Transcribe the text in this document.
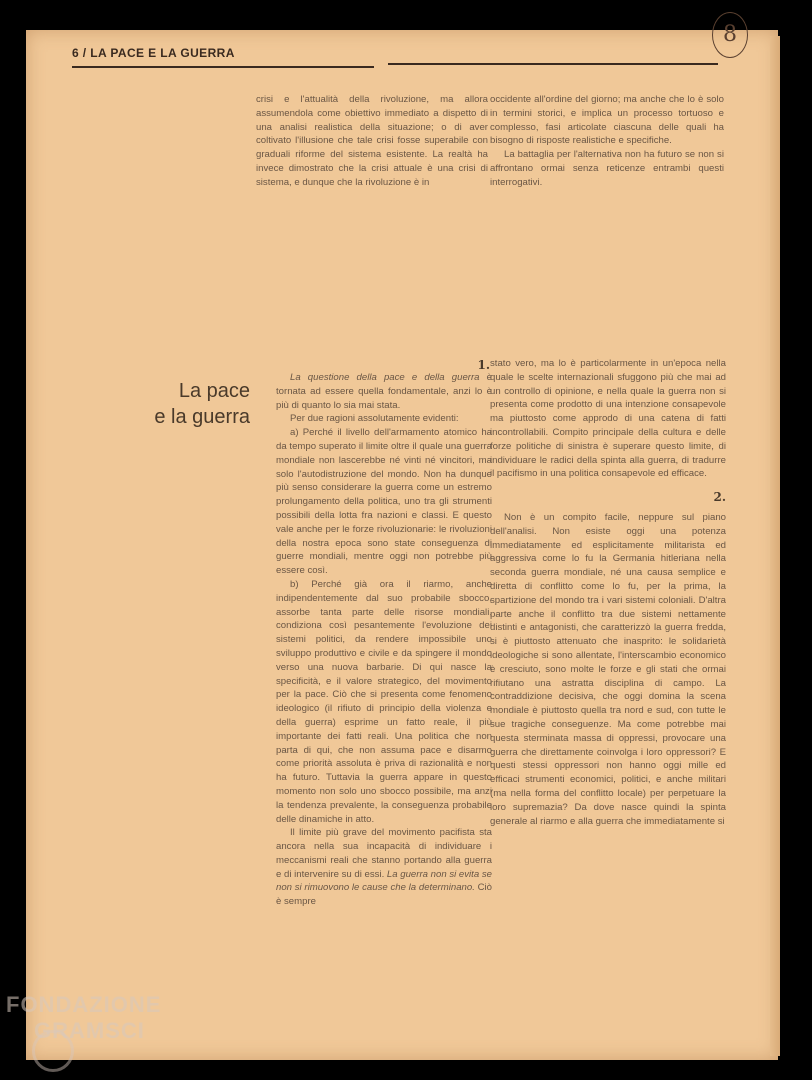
6 / LA PACE E LA GUERRA
8

crisi e l'attualità della rivoluzione, ma allora assumendola come obiettivo immediato a dispetto di una analisi realistica della situazione; o di aver coltivato l'illusione che tale crisi fosse superabile con graduali riforme del sistema esistente. La realtà ha invece dimostrato che la crisi attuale è una crisi di sistema, e dunque che la rivoluzione è in

occidente all'ordine del giorno; ma anche che lo è solo in termini storici, e implica un processo tortuoso e complesso, fasi articolate ciascuna delle quali ha bisogno di risposte realistiche e specifiche.

La battaglia per l'alternativa non ha futuro se non si affrontano ormai senza reticenze entrambi questi interrogativi.

La pace
e la guerra
1.

La questione della pace e della guerra è tornata ad essere quella fondamentale, anzi lo è più di quanto lo sia mai stata.

Per due ragioni assolutamente evidenti:

a) Perché il livello dell'armamento atomico ha da tempo superato il limite oltre il quale una guerra mondiale non lascerebbe né vinti né vincitori, ma solo l'autodistruzione del mondo. Non ha dunque più senso considerare la guerra come un estremo prolungamento della politica, uno tra gli strumenti possibili della lotta fra nazioni e classi. E questo vale anche per le forze rivoluzionarie: le rivoluzioni della nostra epoca sono state conseguenza di guerre mondiali, mentre oggi non potrebbe più essere così.

b) Perché già ora il riarmo, anche indipendentemente dal suo probabile sbocco, assorbe tanta parte delle risorse mondiali, condiziona così pesantemente l'evoluzione dei sistemi politici, da rendere impossibile uno sviluppo produttivo e civile e da spingere il mondo verso una nuova barbarie. Di qui nasce la specificità, e il valore strategico, del movimento per la pace. Ciò che si presenta come fenomeno ideologico (il rifiuto di principio della violenza e della guerra) esprime un fatto reale, il più importante dei fatti reali. Una politica che non parta di qui, che non assuma pace e disarmo come priorità assoluta è priva di razionalità e non ha futuro. Tuttavia la guerra appare in questo momento non solo uno sbocco possibile, ma anzi la tendenza prevalente, la conseguenza probabile delle dinamiche in atto.

Il limite più grave del movimento pacifista sta ancora nella sua incapacità di individuare i meccanismi reali che stanno portando alla guerra e di intervenire su di essi. La guerra non si evita se non si rimuovono le cause che la determinano. Ciò è sempre

stato vero, ma lo è particolarmente in un'epoca nella quale le scelte internazionali sfuggono più che mai ad un controllo di opinione, e nella quale la guerra non si presenta come prodotto di una intenzione consapevole ma piuttosto come approdo di una catena di fatti incontrollabili. Compito principale della cultura e delle forze politiche di sinistra è superare questo limite, di individuare le radici della spinta alla guerra, di tradurre il pacifismo in una politica consapevole ed efficace.

2.

Non è un compito facile, neppure sul piano dell'analisi. Non esiste oggi una potenza immediatamente ed esplicitamente militarista ed aggressiva come lo fu la Germania hitleriana nella seconda guerra mondiale, né una causa semplice e diretta di conflitto come lo fu, per la prima, la spartizione del mondo tra i vari sistemi coloniali. D'altra parte anche il conflitto tra due sistemi nettamente distinti e antagonisti, che caratterizzò la guerra fredda, si è piuttosto attenuato che inasprito: le solidarietà ideologiche si sono allentate, l'interscambio economico è cresciuto, sono molte le forze e gli stati che ormai rifiutano una astratta disciplina di campo. La contraddizione decisiva, che oggi domina la scena mondiale è piuttosto quella tra nord e sud, con tutte le sue tragiche conseguenze. Ma come potrebbe mai questa sterminata massa di oppressi, provocare una guerra che direttamente coinvolga i loro oppressori? E questi stessi oppressori non hanno oggi mille ed efficaci strumenti economici, politici, e anche militari (ma nella forma del conflitto locale) per perpetuare la loro supremazia? Da dove nasce quindi la spinta generale al riarmo e alla guerra che immediatamente si

FONDAZIONE
GRAMSCI
